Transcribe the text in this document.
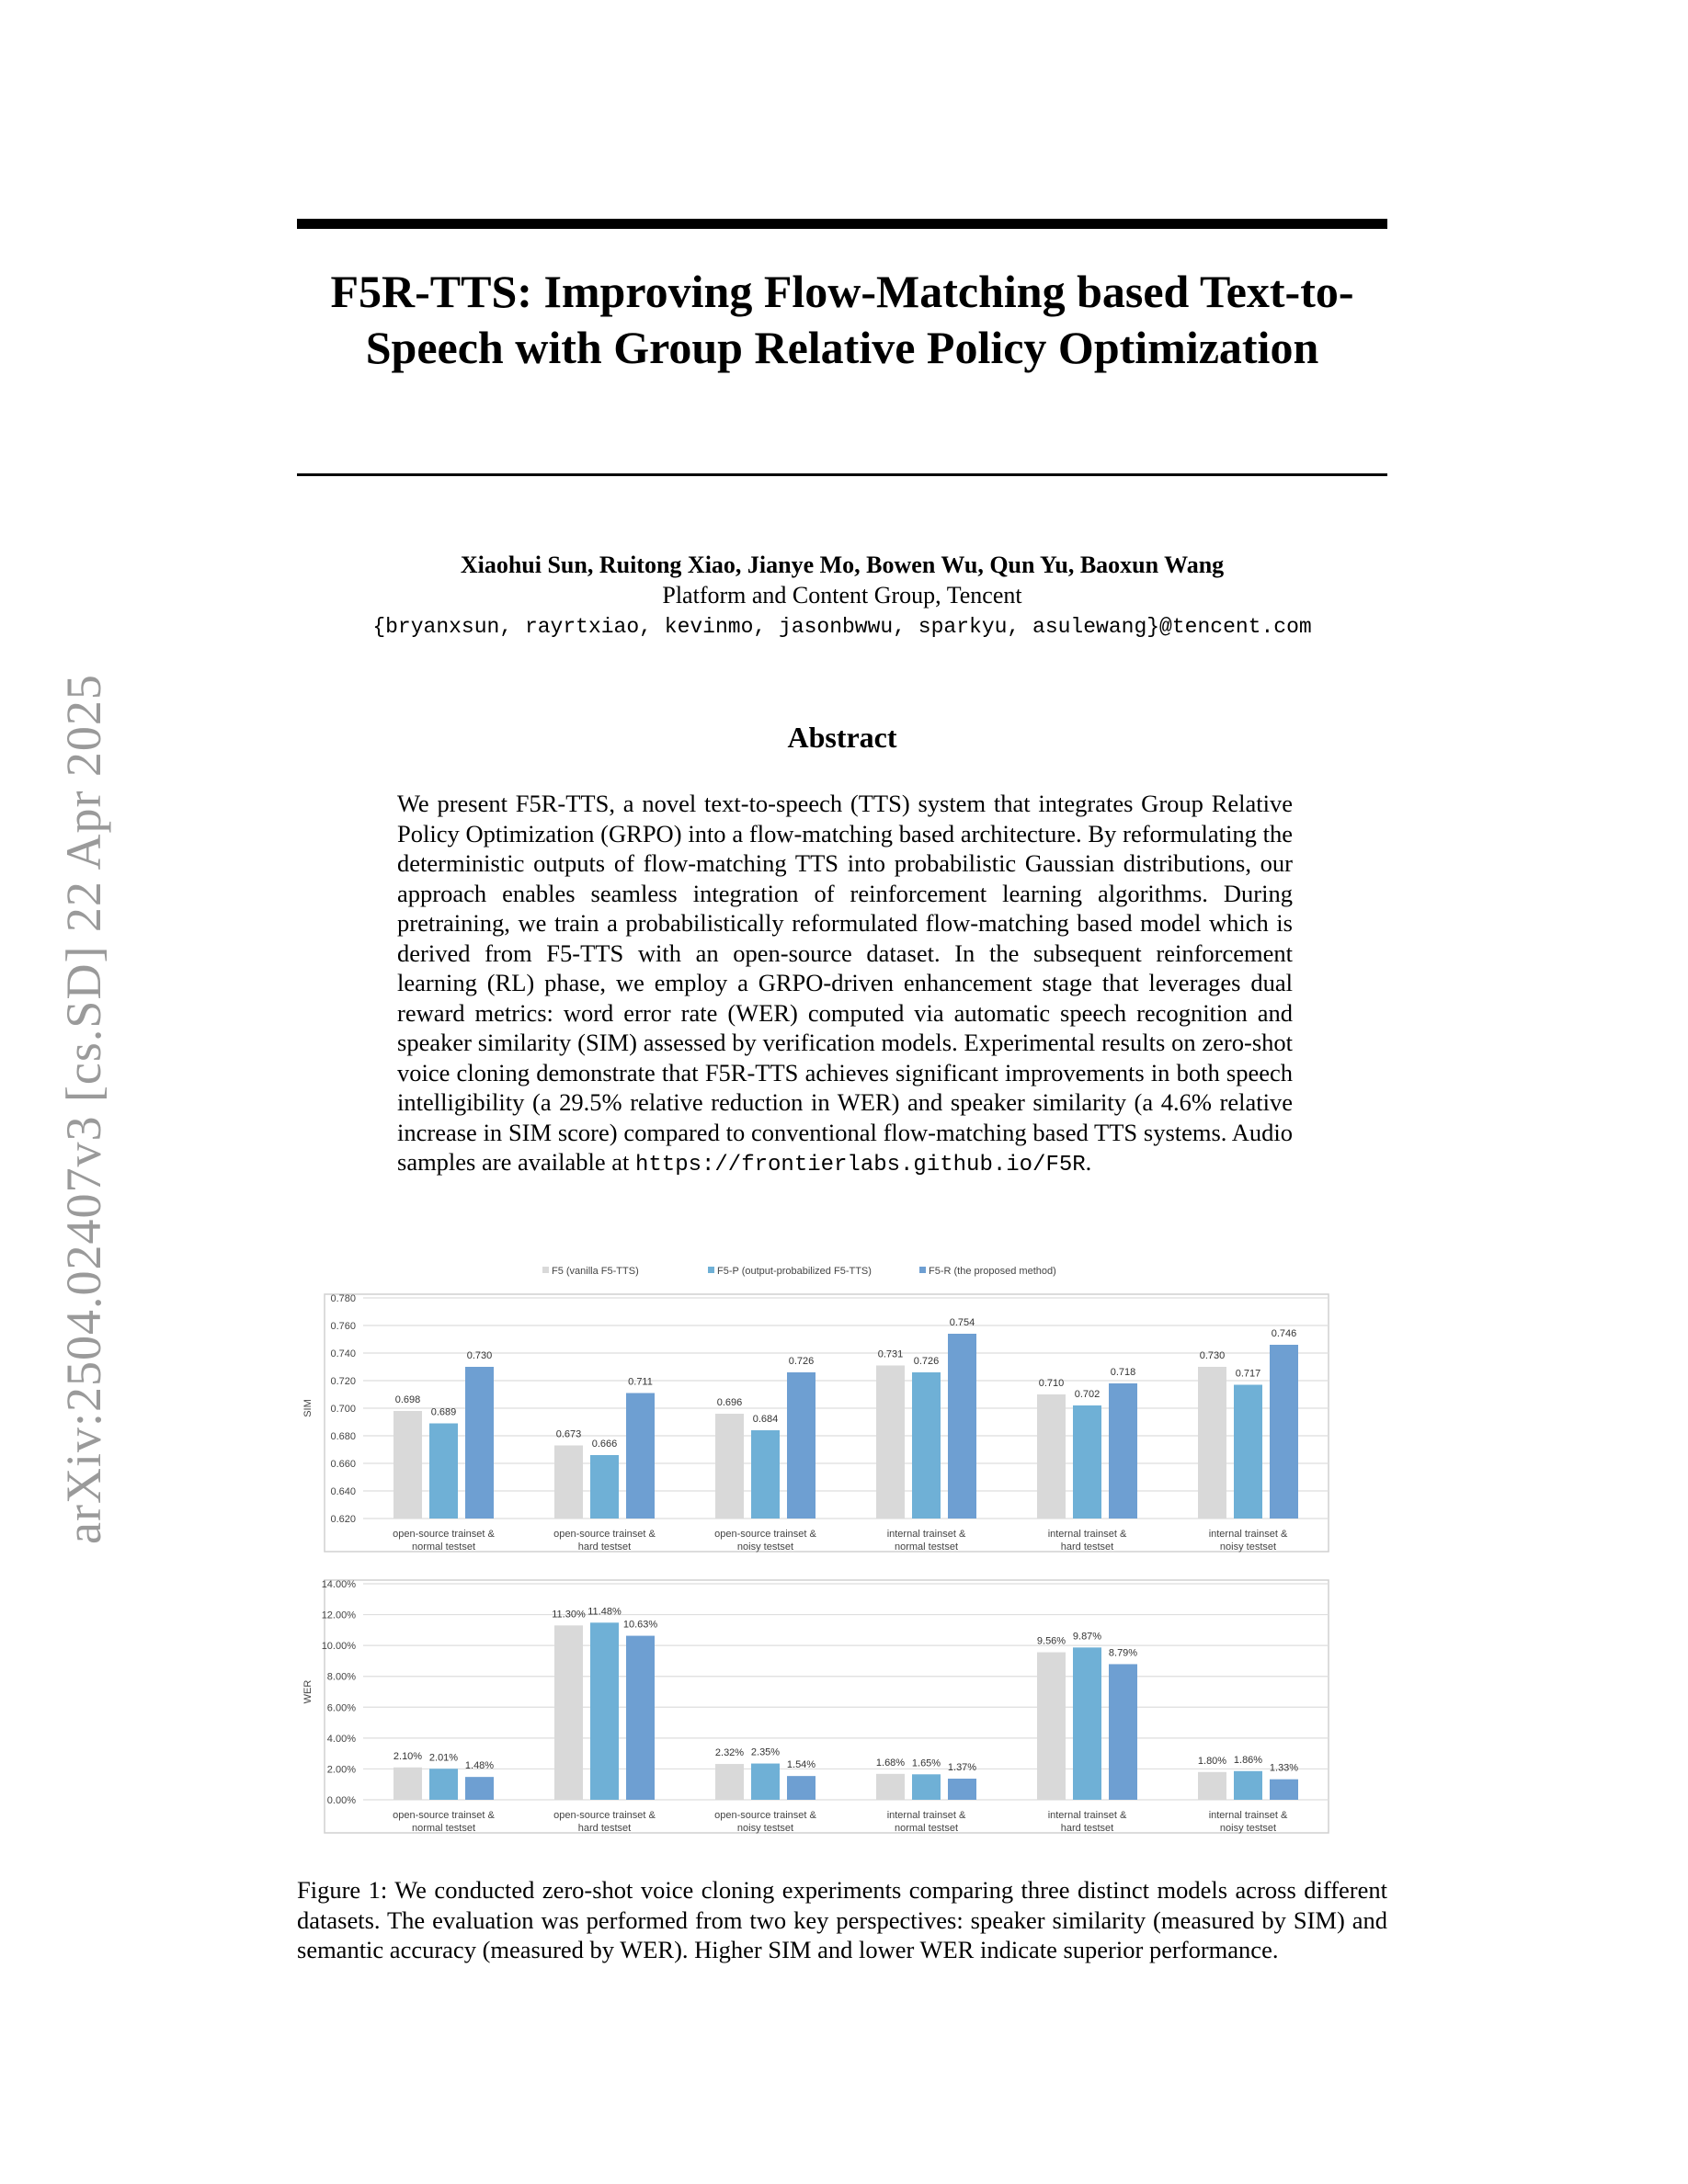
arXiv:2504.02407v3 [cs.SD] 22 Apr 2025
F5R-TTS: Improving Flow-Matching based Text-to-Speech with Group Relative Policy Optimization
Xiaohui Sun, Ruitong Xiao, Jianye Mo, Bowen Wu, Qun Yu, Baoxun Wang
Platform and Content Group, Tencent
{bryanxsun, rayrtxiao, kevinmo, jasonbwwu, sparkyu, asulewang}@tencent.com
Abstract
We present F5R-TTS, a novel text-to-speech (TTS) system that integrates Group Relative Policy Optimization (GRPO) into a flow-matching based architecture. By reformulating the deterministic outputs of flow-matching TTS into probabilistic Gaussian distributions, our approach enables seamless integration of reinforcement learning algorithms. During pretraining, we train a probabilistically reformulated flow-matching based model which is derived from F5-TTS with an open-source dataset. In the subsequent reinforcement learning (RL) phase, we employ a GRPO-driven enhancement stage that leverages dual reward metrics: word error rate (WER) computed via automatic speech recognition and speaker similarity (SIM) assessed by verification models. Experimental results on zero-shot voice cloning demonstrate that F5R-TTS achieves significant improvements in both speech intelligibility (a 29.5% relative reduction in WER) and speaker similarity (a 4.6% relative increase in SIM score) compared to conventional flow-matching based TTS systems. Audio samples are available at https://frontierlabs.github.io/F5R.
0.780
0.760
0.740
0.720
0.700
0.680
0.660
0.640
0.620
SIM	0.698
0.689
0.730
open-source trainset &
normal testset
0.673
0.666
0.711
open-source trainset &
hard testset
0.696
0.684
0.726
open-source trainset &
noisy testset
0.731
0.726
0.754
internal trainset &
normal testset
0.710
0.702
0.718
internal trainset &
hard testset
0.730
0.717
0.746
internal trainset &
noisy testset
F5 (vanilla F5-TTS)	F5-P (output-probabilized F5-TTS)	F5-R (the proposed method)
14.00%
12.00%
10.00%
8.00%
6.00%
4.00%
2.00%
0.00%
WER
2.10% 2.01%
1.48%
open-source trainset &
normal testset
11.30% 11.48%
10.63%
open-source trainset &
hard testset
2.32% 2.35%
1.54%
open-source trainset &
noisy testset
1.68% 1.65% 1.37%
internal trainset &
normal testset
9.56% 9.87%
8.79%
internal trainset &
hard testset
1.80% 1.86%
1.33%
internal trainset &
noisy testset
Figure 1: We conducted zero-shot voice cloning experiments comparing three distinct models across different datasets. The evaluation was performed from two key perspectives: speaker similarity (measured by SIM) and semantic accuracy (measured by WER). Higher SIM and lower WER indicate superior performance.
